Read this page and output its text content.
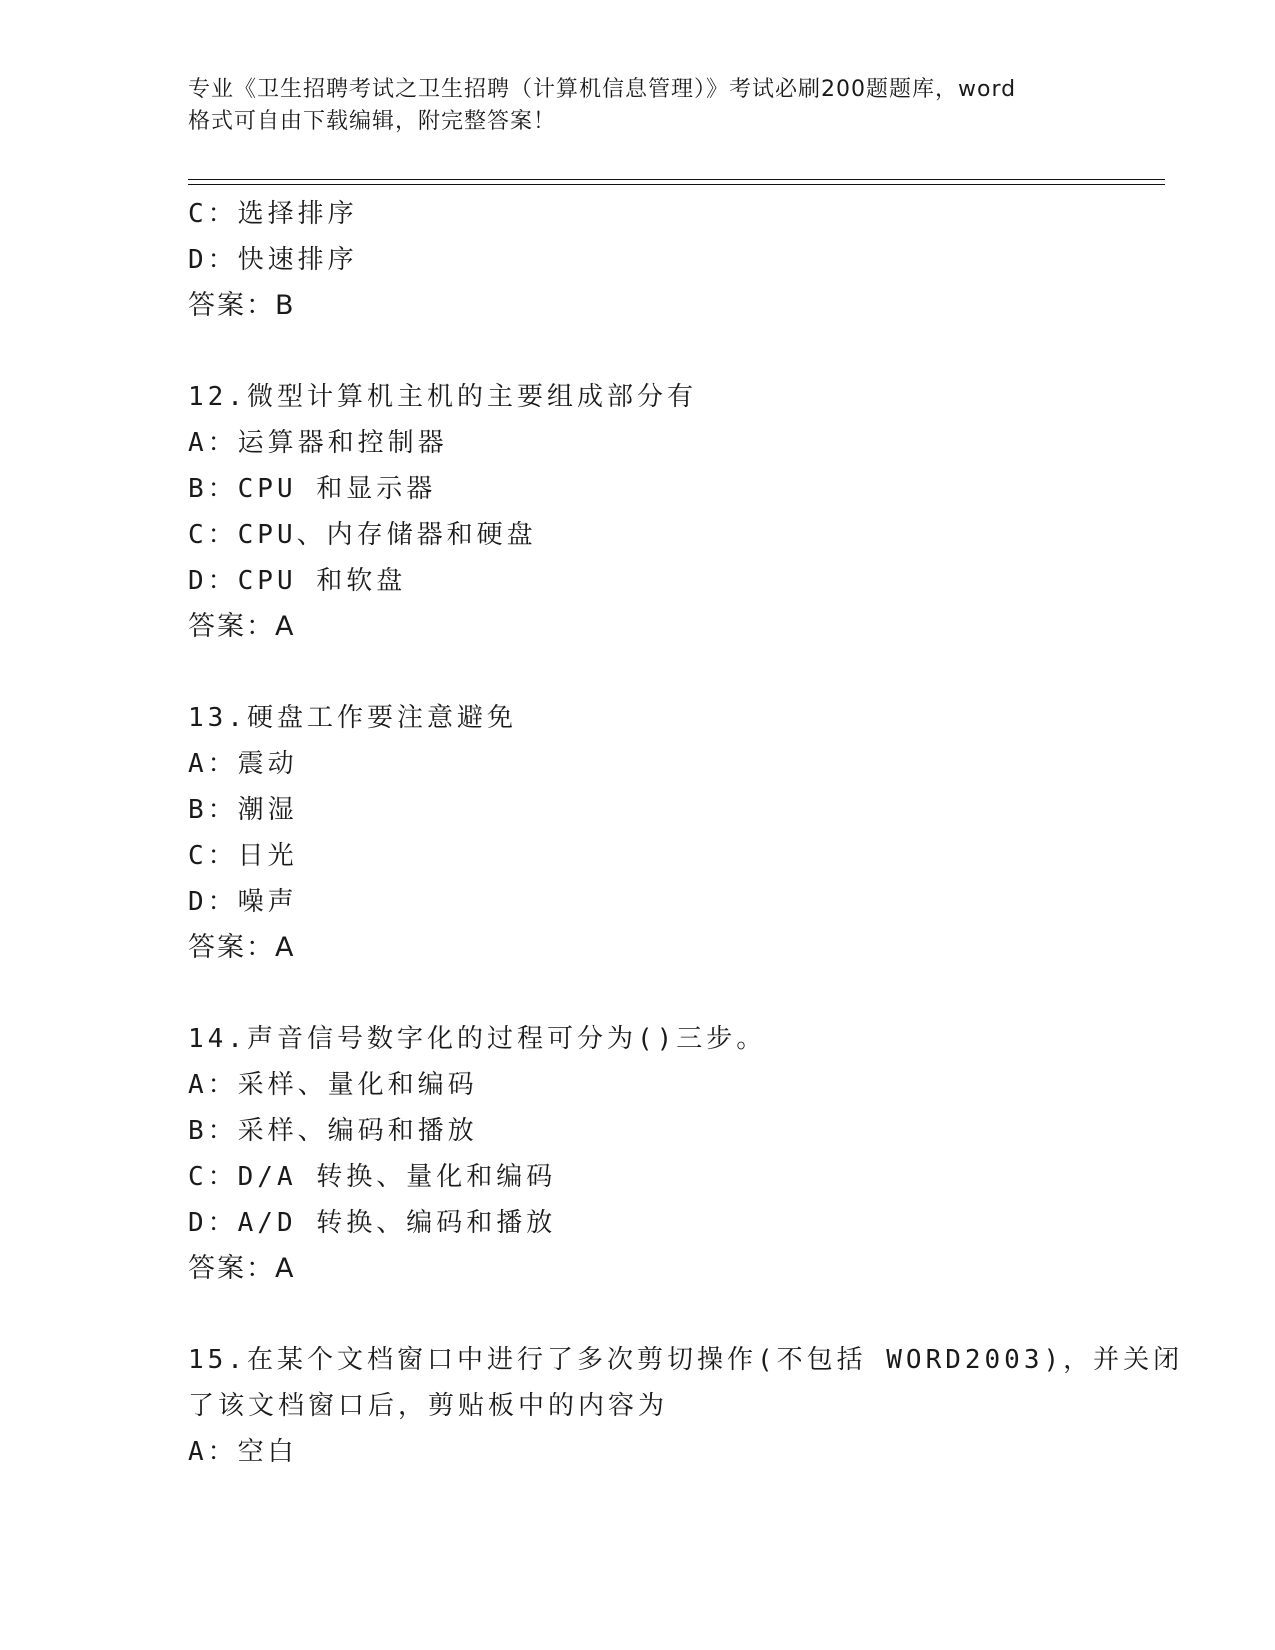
专业《卫生招聘考试之卫生招聘（计算机信息管理）》考试必刷200题题库，word
格式可自由下载编辑，附完整答案！
C：选择排序
D：快速排序
答案：B
12.微型计算机主机的主要组成部分有
A：运算器和控制器
B：CPU 和显示器
C：CPU、内存储器和硬盘
D：CPU 和软盘
答案：A
13.硬盘工作要注意避免
A：震动
B：潮湿
C：日光
D：噪声
答案：A
14.声音信号数字化的过程可分为()三步。
A：采样、量化和编码
B：采样、编码和播放
C：D/A 转换、量化和编码
D：A/D 转换、编码和播放
答案：A
15.在某个文档窗口中进行了多次剪切操作(不包括 WORD2003)，并关闭
了该文档窗口后，剪贴板中的内容为
A：空白
